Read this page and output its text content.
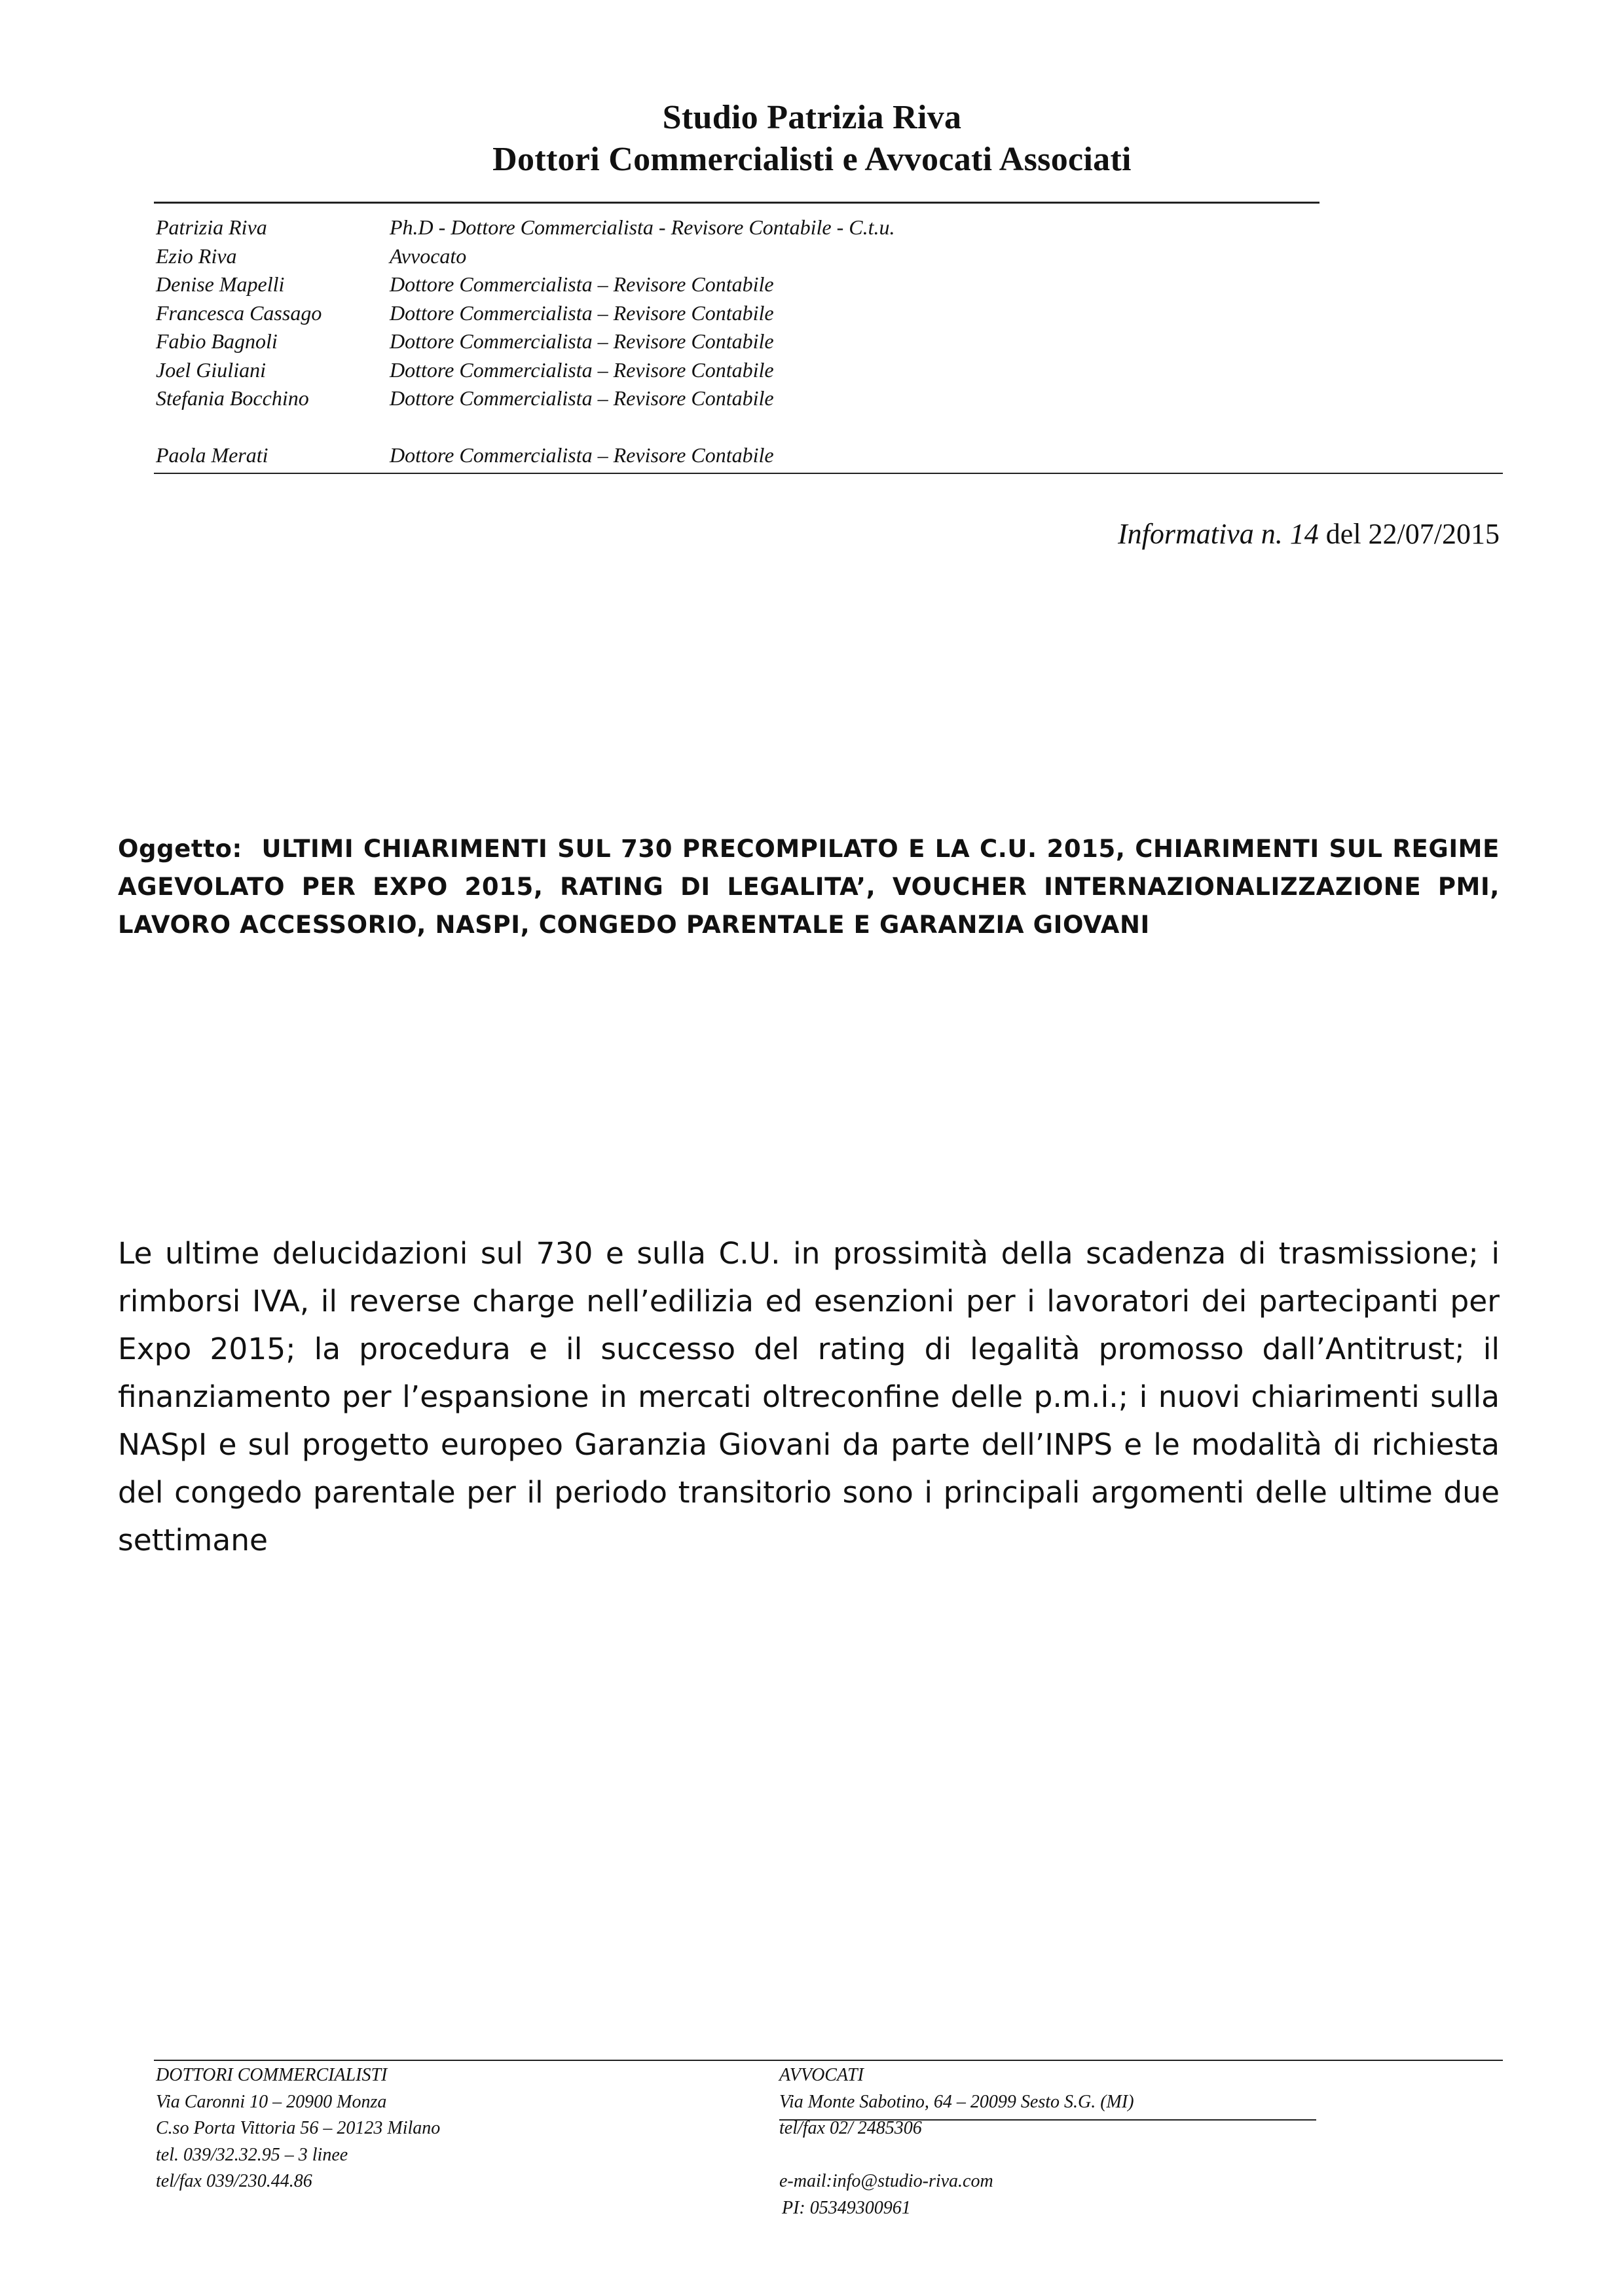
Studio Patrizia Riva
Dottori Commercialisti e Avvocati Associati
Patrizia Riva	Ph.D - Dottore Commercialista - Revisore Contabile - C.t.u.
Ezio Riva	Avvocato
Denise Mapelli	Dottore Commercialista – Revisore Contabile
Francesca Cassago	Dottore Commercialista – Revisore Contabile
Fabio Bagnoli	Dottore Commercialista – Revisore Contabile
Joel Giuliani	Dottore Commercialista – Revisore Contabile
Stefania Bocchino	Dottore Commercialista – Revisore Contabile
Paola Merati	Dottore Commercialista – Revisore Contabile
Informativa n. 14 del 22/07/2015
Oggetto: ULTIMI CHIARIMENTI SUL 730 PRECOMPILATO E LA C.U. 2015, CHIARIMENTI SUL REGIME AGEVOLATO PER EXPO 2015, RATING DI LEGALITA’, VOUCHER INTERNAZIONALIZZAZIONE PMI, LAVORO ACCESSORIO, NASPI, CONGEDO PARENTALE E GARANZIA GIOVANI
Le ultime delucidazioni sul 730 e sulla C.U. in prossimità della scadenza di trasmissione; i rimborsi IVA, il reverse charge nell’edilizia ed esenzioni per i lavoratori dei partecipanti per Expo 2015; la procedura e il successo del rating di legalità promosso dall’Antitrust; il finanziamento per l’espansione in mercati oltreconfine delle p.m.i.; i nuovi chiarimenti sulla NASpI e sul progetto europeo Garanzia Giovani da parte dell’INPS e le modalità di richiesta del congedo parentale per il periodo transitorio sono i principali argomenti delle ultime due settimane
DOTTORI COMMERCIALISTI
Via Caronni 10 – 20900 Monza
C.so Porta Vittoria 56 – 20123 Milano
tel. 039/32.32.95 – 3 linee
tel/fax 039/230.44.86
AVVOCATI
Via Monte Sabotino, 64 – 20099 Sesto S.G. (MI)
tel/fax 02/ 2485306
e-mail:info@studio-riva.com
PI: 05349300961
